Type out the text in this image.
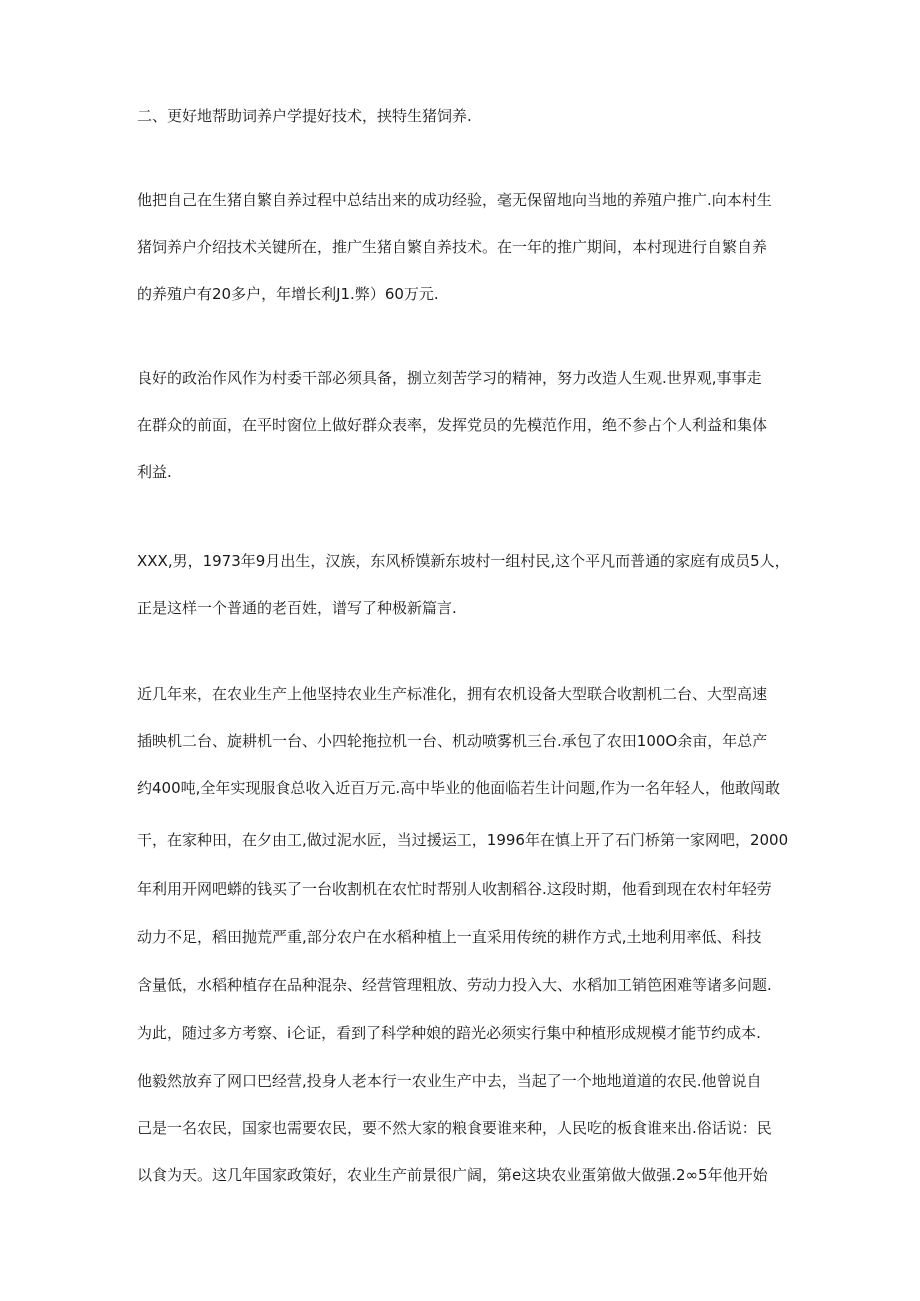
二、更好地帮助词养户学提好技术，挟特生猪饲养.
他把自己在生猪自繁自养过程中总结出来的成功经验，毫无保留地向当地的养殖户推广.向本村生
猪饲养户介绍技术关键所在，推广生猪自繁自养技术。在一年的推广期间，本村现进行自繁自养
的养殖户有20多户，年增长利J1.弊）60万元.
良好的政治作风作为村委干部必须具备，捌立刻苦学习的精神，努力改造人生观.世界观,事事走
在群众的前面，在平时窗位上做好群众表率，发挥党员的先模范作用，绝不参占个人利益和集体
利益.
XXX,男，1973年9月出生，汉族，东风桥馍新东坡村一组村民,这个平凡而普通的家庭有成员5人，
正是这样一个普通的老百姓，谱写了种极新篇言.
近几年来，在农业生产上他坚持农业生产标准化，拥有农机设备大型联合收割机二台、大型高速
插映机二台、旋耕机一台、小四轮拖拉机一台、机动喷雾机三台.承包了农田100O余亩，年总产
约400吨,全年实现服食总收入近百万元.高中毕业的他面临若生计问题,作为一名年轻人，他敢闯敢
干，在家种田，在夕由工,做过泥水匠，当过援运工，1996年在慎上开了石门桥第一家网吧，2000
年利用开网吧蟒的钱买了一台收割机在农忙时帮别人收割稻谷.这段时期，他看到现在农村年轻劳
动力不足，稻田抛荒严重,部分农户在水稻种植上一直采用传统的耕作方式,土地利用率低、科技
含量低，水稻种植存在品种混杂、经营管理粗放、劳动力投入大、水稻加工销笆困难等诸多问题.
为此，随过多方考察、i仑证，看到了科学种娘的踣光必须实行集中种植形成规模才能节约成本.
他毅然放弃了网口巴经营,投身人老本行一农业生产中去，当起了一个地地道道的农民.他曾说自
己是一名农民，国家也需要农民，要不然大家的粮食要谁来种，人民吃的板食谁来出.俗话说：民
以食为天。这几年国家政策好，农业生产前景很广阔，第e这块农业蛋第做大做强.2∞5年他开始
